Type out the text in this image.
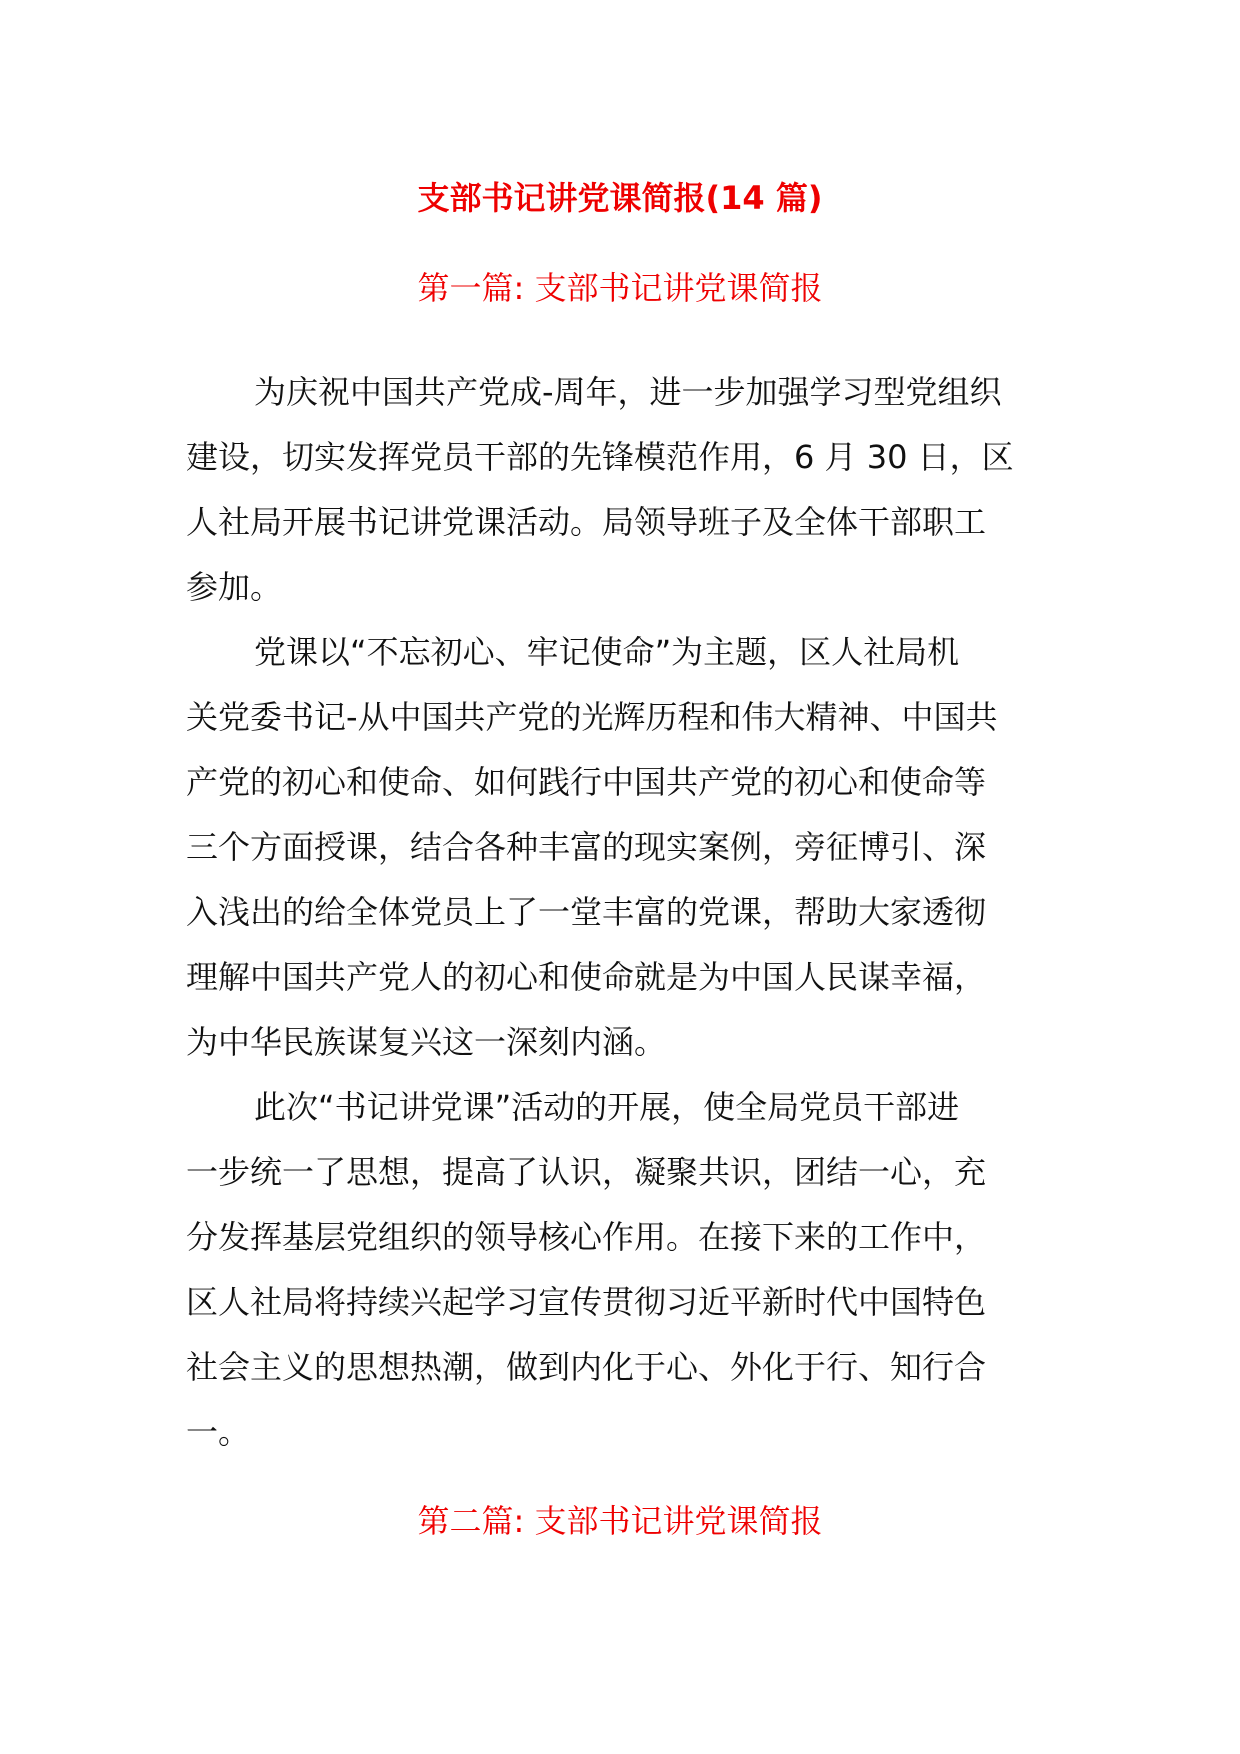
支部书记讲党课简报(14 篇)
第一篇: 支部书记讲党课简报
为庆祝中国共产党成-周年，进一步加强学习型党组织
建设，切实发挥党员干部的先锋模范作用，6 月 30 日，区
人社局开展书记讲党课活动。局领导班子及全体干部职工
参加。
党课以“不忘初心、牢记使命”为主题，区人社局机
关党委书记-从中国共产党的光辉历程和伟大精神、中国共
产党的初心和使命、如何践行中国共产党的初心和使命等
三个方面授课，结合各种丰富的现实案例，旁征博引、深
入浅出的给全体党员上了一堂丰富的党课，帮助大家透彻
理解中国共产党人的初心和使命就是为中国人民谋幸福，
为中华民族谋复兴这一深刻内涵。
此次“书记讲党课”活动的开展，使全局党员干部进
一步统一了思想，提高了认识，凝聚共识，团结一心，充
分发挥基层党组织的领导核心作用。在接下来的工作中，
区人社局将持续兴起学习宣传贯彻习近平新时代中国特色
社会主义的思想热潮，做到内化于心、外化于行、知行合
一。
第二篇: 支部书记讲党课简报
